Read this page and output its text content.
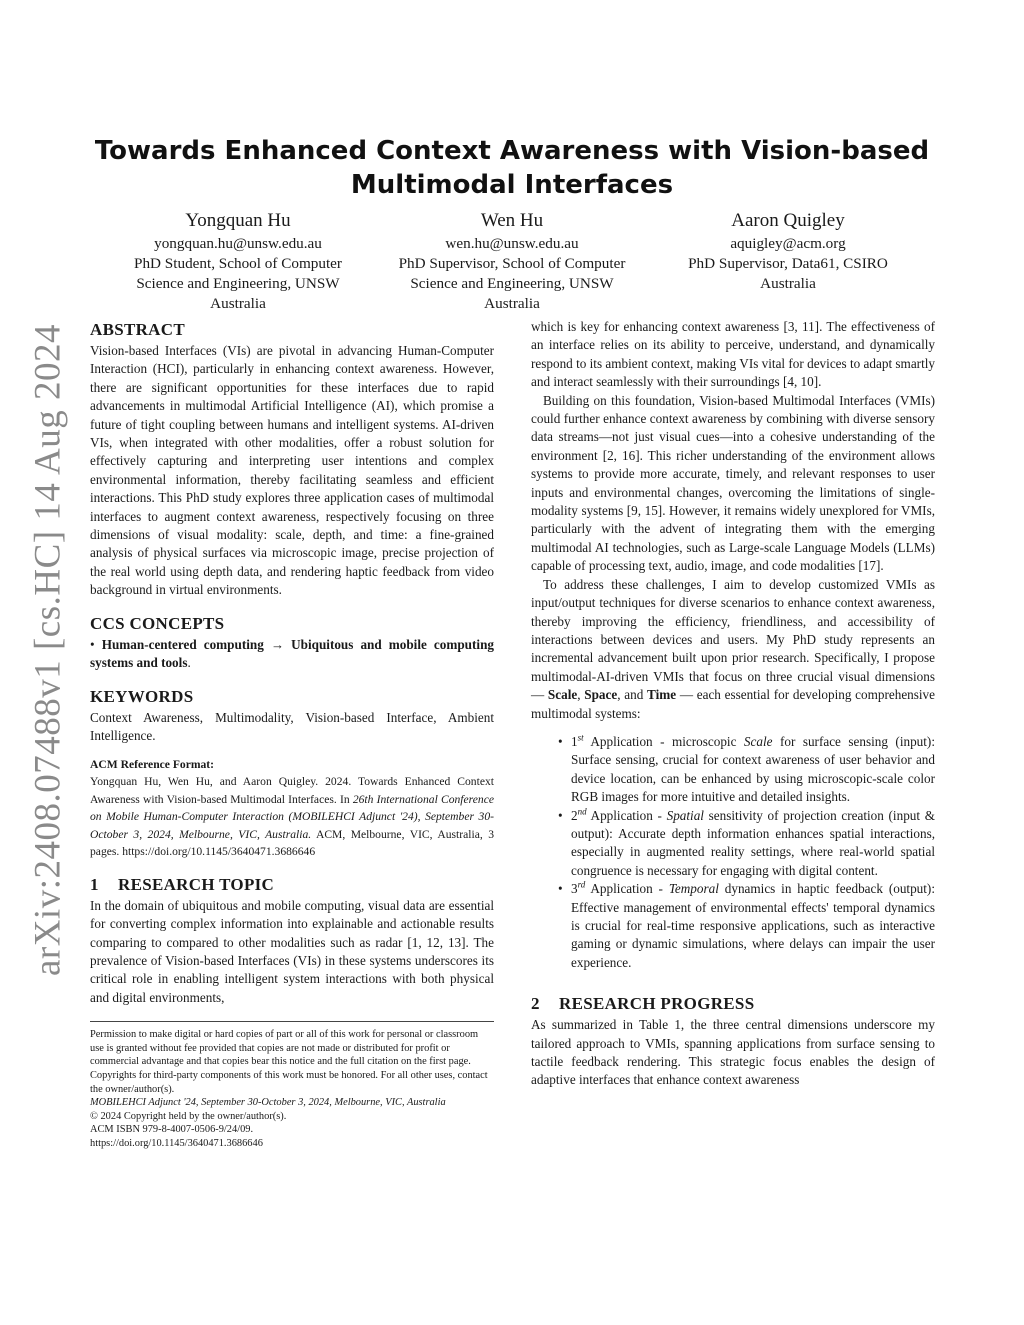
arXiv:2408.07488v1 [cs.HC] 14 Aug 2024
Towards Enhanced Context Awareness with Vision-based Multimodal Interfaces
Yongquan Hu
yongquan.hu@unsw.edu.au
PhD Student, School of Computer
Science and Engineering, UNSW
Australia
Wen Hu
wen.hu@unsw.edu.au
PhD Supervisor, School of Computer
Science and Engineering, UNSW
Australia
Aaron Quigley
aquigley@acm.org
PhD Supervisor, Data61, CSIRO
Australia
ABSTRACT

Vision-based Interfaces (VIs) are pivotal in advancing Human-Computer Interaction (HCI), particularly in enhancing context awareness. However, there are significant opportunities for these interfaces due to rapid advancements in multimodal Artificial Intelligence (AI), which promise a future of tight coupling between humans and intelligent systems. AI-driven VIs, when integrated with other modalities, offer a robust solution for effectively capturing and interpreting user intentions and complex environmental information, thereby facilitating seamless and efficient interactions. This PhD study explores three application cases of multimodal interfaces to augment context awareness, respectively focusing on three dimensions of visual modality: scale, depth, and time: a fine-grained analysis of physical surfaces via microscopic image, precise projection of the real world using depth data, and rendering haptic feedback from video background in virtual environments.

CCS CONCEPTS

• Human-centered computing → Ubiquitous and mobile computing systems and tools.

KEYWORDS

Context Awareness, Multimodality, Vision-based Interface, Ambient Intelligence.

ACM Reference Format:

Yongquan Hu, Wen Hu, and Aaron Quigley. 2024. Towards Enhanced Context Awareness with Vision-based Multimodal Interfaces. In 26th International Conference on Mobile Human-Computer Interaction (MOBILEHCI Adjunct '24), September 30-October 3, 2024, Melbourne, VIC, Australia. ACM, Melbourne, VIC, Australia, 3 pages. https://doi.org/10.1145/3640471.3686646

1 RESEARCH TOPIC

In the domain of ubiquitous and mobile computing, visual data are essential for converting complex information into explainable and actionable results comparing to compared to other modalities such as radar [1, 12, 13]. The prevalence of Vision-based Interfaces (VIs) in these systems underscores its critical role in enabling intelligent system interactions with both physical and digital environments,

Permission to make digital or hard copies of part or all of this work for personal or classroom use is granted without fee provided that copies are not made or distributed for profit or commercial advantage and that copies bear this notice and the full citation on the first page. Copyrights for third-party components of this work must be honored. For all other uses, contact the owner/author(s).
MOBILEHCI Adjunct '24, September 30-October 3, 2024, Melbourne, VIC, Australia
© 2024 Copyright held by the owner/author(s).
ACM ISBN 979-8-4007-0506-9/24/09.
https://doi.org/10.1145/3640471.3686646

which is key for enhancing context awareness [3, 11]. The effectiveness of an interface relies on its ability to perceive, understand, and dynamically respond to its ambient context, making VIs vital for devices to adapt smartly and interact seamlessly with their surroundings [4, 10].

Building on this foundation, Vision-based Multimodal Interfaces (VMIs) could further enhance context awareness by combining with diverse sensory data streams—not just visual cues—into a cohesive understanding of the environment [2, 16]. This richer understanding of the environment allows systems to provide more accurate, timely, and relevant responses to user inputs and environmental changes, overcoming the limitations of single-modality systems [9, 15]. However, it remains widely unexplored for VMIs, particularly with the advent of integrating them with the emerging multimodal AI technologies, such as Large-scale Language Models (LLMs) capable of processing text, audio, image, and code modalities [17].

To address these challenges, I aim to develop customized VMIs as input/output techniques for diverse scenarios to enhance context awareness, thereby improving the efficiency, friendliness, and accessibility of interactions between devices and users. My PhD study represents an incremental advancement built upon prior research. Specifically, I propose multimodal-AI-driven VMIs that focus on three crucial visual dimensions — Scale, Space, and Time — each essential for developing comprehensive multimodal systems:

• 1st Application - microscopic Scale for surface sensing (input): Surface sensing, crucial for context awareness of user behavior and device location, can be enhanced by using microscopic-scale color RGB images for more intuitive and detailed insights.
• 2nd Application - Spatial sensitivity of projection creation (input & output): Accurate depth information enhances spatial interactions, especially in augmented reality settings, where real-world spatial congruence is necessary for engaging with digital content.
• 3rd Application - Temporal dynamics in haptic feedback (output): Effective management of environmental effects' temporal dynamics is crucial for real-time responsive applications, such as interactive gaming or dynamic simulations, where delays can impair the user experience.
2 RESEARCH PROGRESS

As summarized in Table 1, the three central dimensions underscore my tailored approach to VMIs, spanning applications from surface sensing to tactile feedback rendering. This strategic focus enables the design of adaptive interfaces that enhance context awareness
